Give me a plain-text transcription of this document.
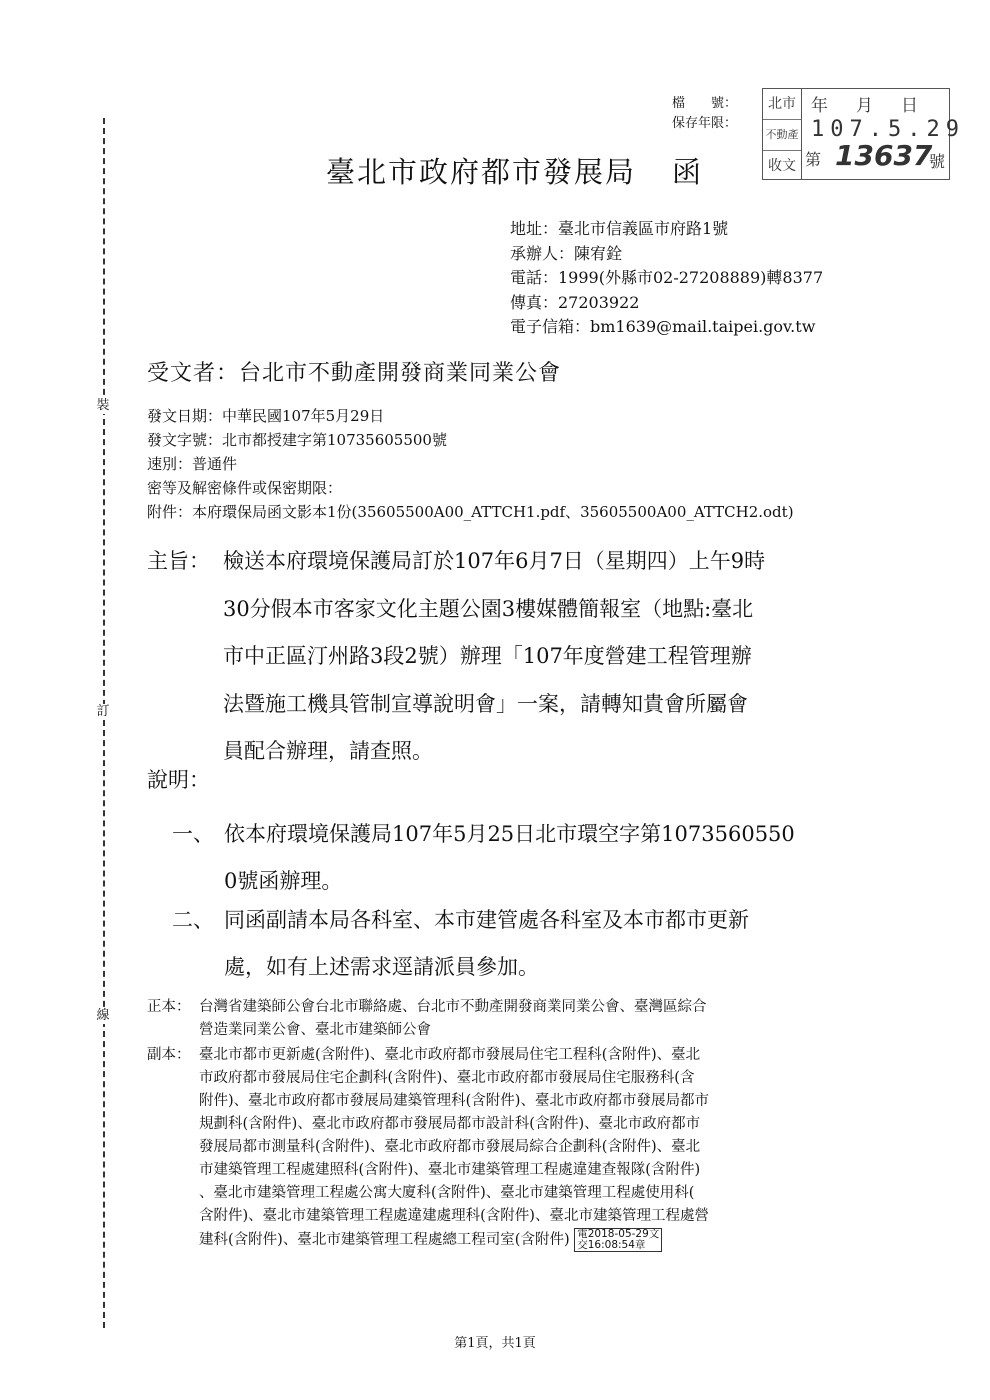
裝
訂
線
檔　　號：
保存年限：
北市
不動產
收文
年月日
107.5.29
第 13637
號
臺北市政府都市發展局 函
地址：臺北市信義區市府路1號
承辦人：陳宥銓
電話：1999(外縣市02-27208889)轉8377
傳真：27203922
電子信箱：bm1639@mail.taipei.gov.tw
受文者：台北市不動產開發商業同業公會
發文日期：中華民國107年5月29日
發文字號：北市都授建字第10735605500號
速別：普通件
密等及解密條件或保密期限：
附件：本府環保局函文影本1份(35605500A00_ATTCH1.pdf、35605500A00_ATTCH2.odt)
主旨： 檢送本府環境保護局訂於107年6月7日（星期四）上午9時
30分假本市客家文化主題公園3樓媒體簡報室（地點:臺北
市中正區汀州路3段2號）辦理「107年度營建工程管理辦
法暨施工機具管制宣導說明會」一案，請轉知貴會所屬會
員配合辦理，請查照。
說明：
一、 依本府環境保護局107年5月25日北市環空字第1073560550
0號函辦理。
二、 同函副請本局各科室、本市建管處各科室及本市都市更新
處，如有上述需求逕請派員參加。
正本： 台灣省建築師公會台北市聯絡處、台北市不動產開發商業同業公會、臺灣區綜合
營造業同業公會、臺北市建築師公會
副本： 臺北市都市更新處(含附件)、臺北市政府都市發展局住宅工程科(含附件)、臺北
市政府都市發展局住宅企劃科(含附件)、臺北市政府都市發展局住宅服務科(含
附件)、臺北市政府都市發展局建築管理科(含附件)、臺北市政府都市發展局都市
規劃科(含附件)、臺北市政府都市發展局都市設計科(含附件)、臺北市政府都市
發展局都市測量科(含附件)、臺北市政府都市發展局綜合企劃科(含附件)、臺北
市建築管理工程處建照科(含附件)、臺北市建築管理工程處違建查報隊(含附件)
、臺北市建築管理工程處公寓大廈科(含附件)、臺北市建築管理工程處使用科(
含附件)、臺北市建築管理工程處違建處理科(含附件)、臺北市建築管理工程處營
建科(含附件)、臺北市建築管理工程處總工程司室(含附件) 電2018-05-29文
交16:08:54章
第1頁，共1頁
